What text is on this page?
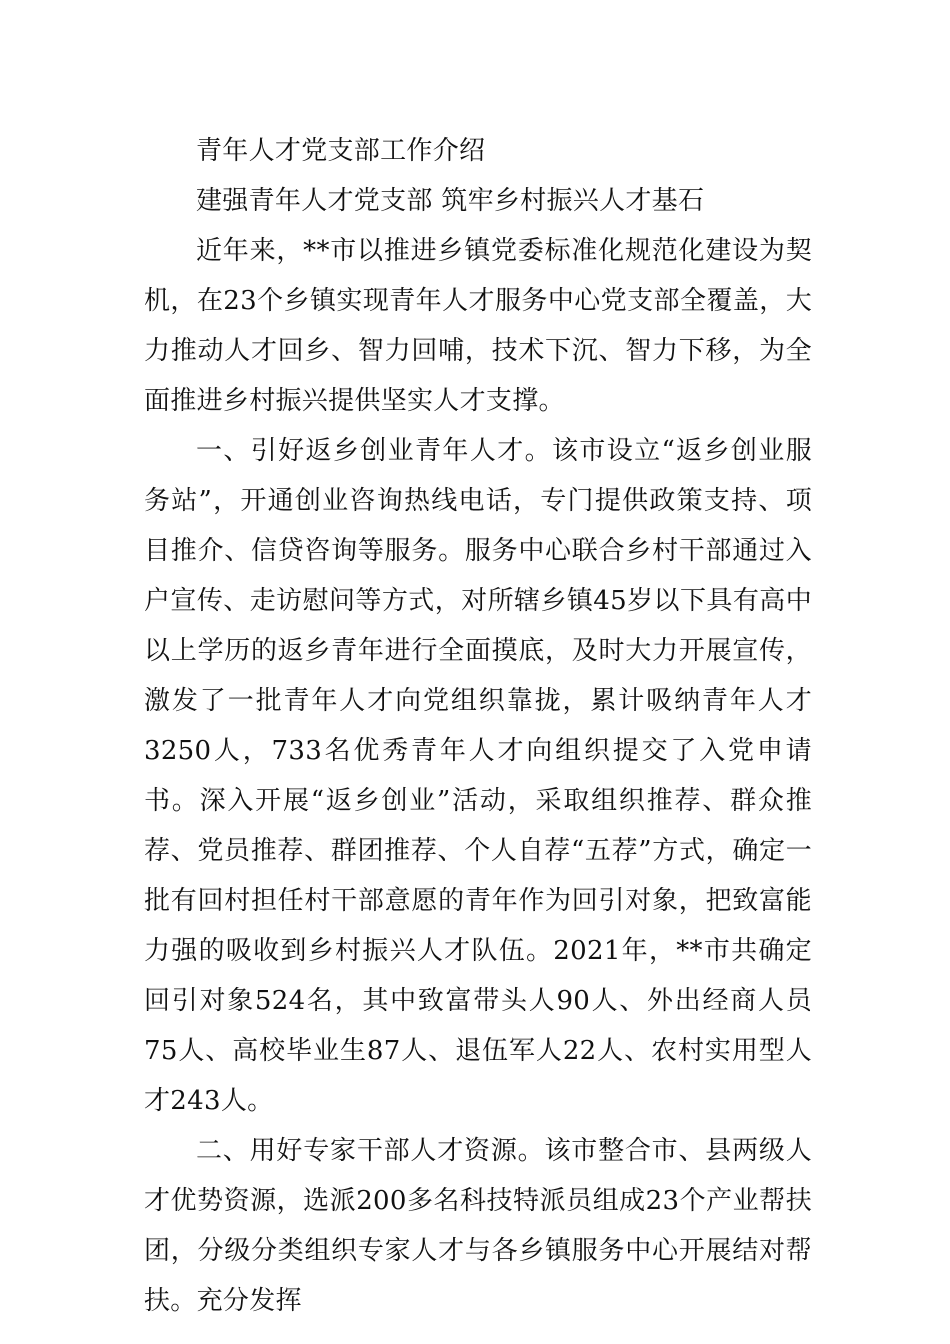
青年人才党支部工作介绍

建强青年人才党支部 筑牢乡村振兴人才基石

近年来，**市以推进乡镇党委标准化规范化建设为契机，在23个乡镇实现青年人才服务中心党支部全覆盖，大力推动人才回乡、智力回哺，技术下沉、智力下移，为全面推进乡村振兴提供坚实人才支撑。

一、引好返乡创业青年人才。该市设立“返乡创业服务站”，开通创业咨询热线电话，专门提供政策支持、项目推介、信贷咨询等服务。服务中心联合乡村干部通过入户宣传、走访慰问等方式，对所辖乡镇45岁以下具有高中以上学历的返乡青年进行全面摸底，及时大力开展宣传，激发了一批青年人才向党组织靠拢，累计吸纳青年人才3250人，733名优秀青年人才向组织提交了入党申请书。深入开展“返乡创业”活动，采取组织推荐、群众推荐、党员推荐、群团推荐、个人自荐“五荐”方式，确定一批有回村担任村干部意愿的青年作为回引对象，把致富能力强的吸收到乡村振兴人才队伍。2021年，**市共确定回引对象524名，其中致富带头人90人、外出经商人员75人、高校毕业生87人、退伍军人22人、农村实用型人才243人。

二、用好专家干部人才资源。该市整合市、县两级人才优势资源，选派200多名科技特派员组成23个产业帮扶团，分级分类组织专家人才与各乡镇服务中心开展结对帮扶。充分发挥
